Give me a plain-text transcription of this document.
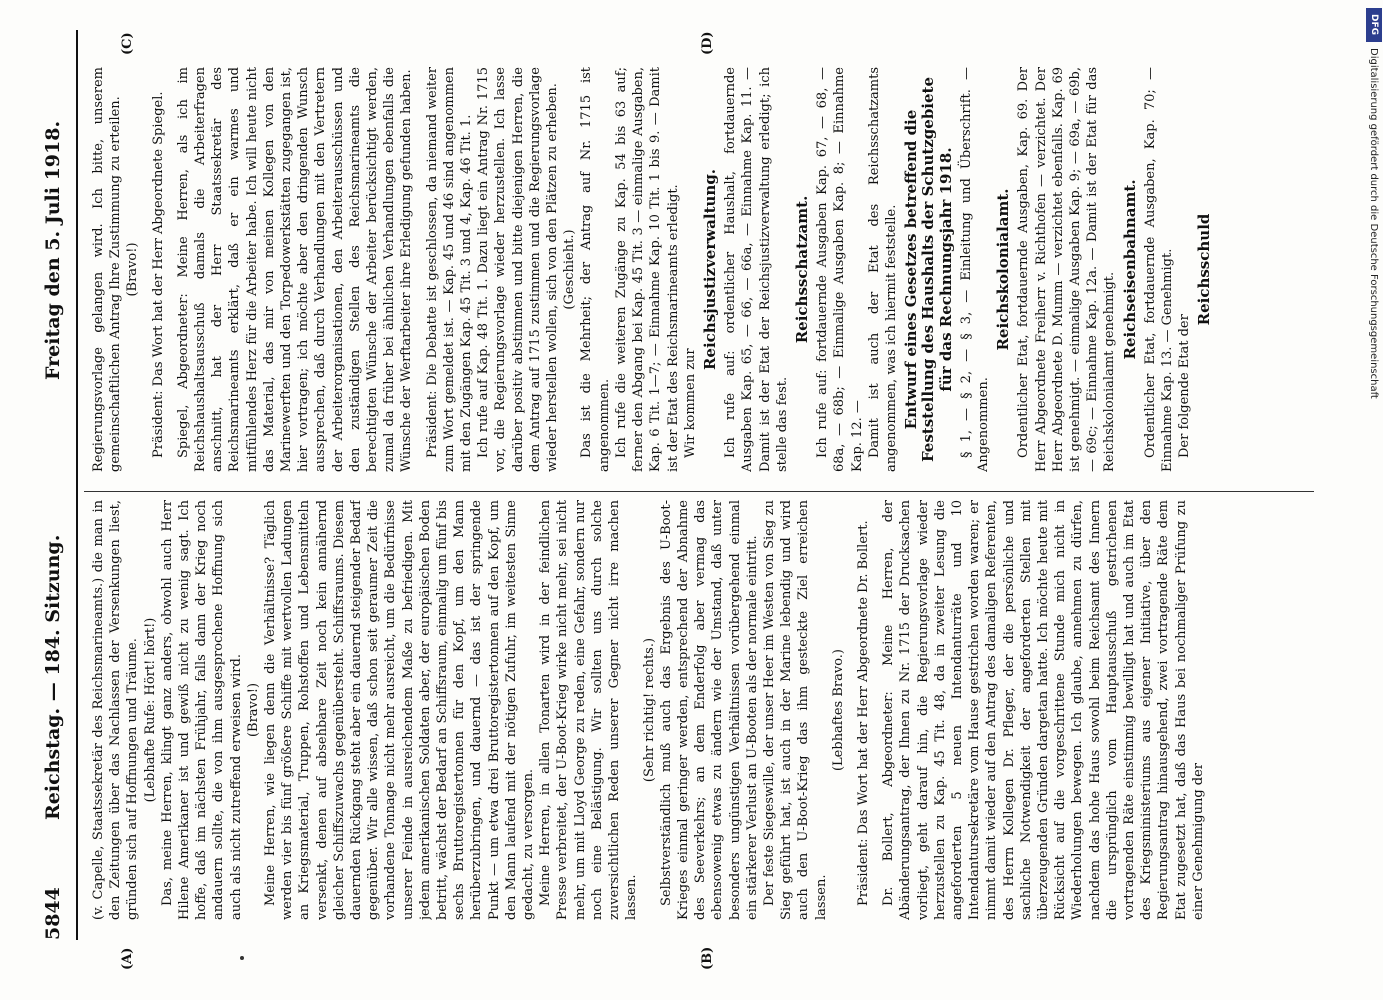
5844
Reichstag. — 184. Sitzung.
Freitag den 5. Juli 1918.
(A)	(B)
(C)	(D)

(v. Capelle, Staatssekretär des Reichsmarineamts.) die man in den Zeitungen über das Nachlassen der Versenkungen liest, gründen sich auf Hoffnungen und Träume. (Lebhafte Rufe: Hört! hört!) Das, meine Herren, klingt ganz anders, obwohl auch Herr Hilene Amerikaner ist und gewiß nicht zu wenig sagt. Ich hoffe, daß im nächsten Frühjahr, falls dann der Krieg noch andauern sollte, die von ihm ausgesprochene Hoffnung sich auch als nicht zutreffend erweisen wird. (Bravo!) Meine Herren, wie liegen denn die Verhältnisse? Täglich werden vier bis fünf größere Schiffe mit wertvollen Ladungen an Kriegsmaterial, Truppen, Rohstoffen und Lebensmitteln versenkt, denen auf absehbare Zeit noch kein annähernd gleicher Schiffszuwachs gegenübersteht. Schiffsraums. Diesem dauernden Rückgang steht aber ein dauernd steigender Bedarf gegenüber. Wir alle wissen, daß schon seit geraumer Zeit die vorhandene Tonnage nicht mehr ausreicht, um die Bedürfnisse unserer Feinde in ausreichendem Maße zu befriedigen. Mit jedem amerikanischen Soldaten aber, der europäischen Boden betritt, wächst der Bedarf an Schiffsraum, einmalig um fünf bis sechs Bruttoregistertonnen für den Kopf, um den Mann herüberzubringen, und dauernd — das ist der springende Punkt — um etwa drei Bruttoregistertonnen auf den Kopf, um den Mann laufend mit der nötigen Zufuhr, im weitesten Sinne gedacht, zu versorgen. Meine Herren, in allen Tonarten wird in der feindlichen Presse verbreitet, der U-Boot-Krieg wirke nicht mehr, sei nicht mehr, um mit Lloyd George zu reden, eine Gefahr, sondern nur noch eine Belästigung. Wir sollten uns durch solche zuversichtlichen Reden unserer Gegner nicht irre machen lassen.

(Sehr richtig! rechts.) Selbstverständlich muß auch das Ergebnis des U-Boot-Krieges einmal geringer werden, entsprechend der Abnahme des Seeverkehrs; an dem Enderfolg aber vermag das ebensowenig etwas zu ändern wie der Umstand, daß unter besonders ungünstigen Verhältnissen vorübergehend einmal ein stärkerer Verlust an U-Booten als der normale eintritt. Der feste Siegeswille, der unser Heer im Westen von Sieg zu Sieg geführt hat, ist auch in der Marine lebendig und wird auch den U-Boot-Krieg das ihm gesteckte Ziel erreichen lassen.

(Lebhaftes Bravo.) Präsident: Das Wort hat der Herr Abgeordnete Dr. Bollert. Dr. Bollert, Abgeordneter: Meine Herren, der Abänderungsantrag, der Ihnen zu Nr. 1715 der Drucksachen vorliegt, geht darauf hin, die Regierungsvorlage wieder herzustellen zu Kap. 45 Tit. 48, da in zweiter Lesung die angeforderten 5 neuen Intendanturräte und 10 Intendantursekretäre vom Hause gestrichen worden waren; er nimmt damit wieder auf den Antrag des damaligen Referenten, des Herrn Kollegen Dr. Pfleger, der die persönliche und sachliche Notwendigkeit der angeforderten Stellen mit überzeugenden Gründen dargetan hatte. Ich möchte heute mit Rücksicht auf die vorgeschrittene Stunde mich nicht in Wiederholungen bewegen. Ich glaube, annehmen zu dürfen, nachdem das hohe Haus sowohl beim Reichsamt des Innern die ursprünglich vom Hauptausschuß gestrichenen vortragenden Räte einstimmig bewilligt hat und auch im Etat des Kriegsministeriums aus eigener Initiative, über den Regierungsantrag hinausgehend, zwei vortragende Räte dem Etat zugesetzt hat, daß das Haus bei nochmaliger Prüfung zu einer Genehmigung der

Regierungsvorlage gelangen wird. Ich bitte, unserem gemeinschaftlichen Antrag Ihre Zustimmung zu erteilen. (Bravo!) Präsident: Das Wort hat der Herr Abgeordnete Spiegel. Spiegel, Abgeordneter: Meine Herren, als ich im Reichshaushaltsausschuß damals die Arbeiterfragen anschnitt, hat der Herr Staatssekretär des Reichsmarineamts erklärt, daß er ein warmes und mitfühlendes Herz für die Arbeiter habe. Ich will heute nicht das Material, das mir von meinen Kollegen von den Marinewerften und den Torpedowerkstätten zugegangen ist, hier vortragen; ich möchte aber den dringenden Wunsch aussprechen, daß durch Verhandlungen mit den Vertretern der Arbeiterorganisationen, den Arbeiterausschüssen und den zuständigen Stellen des Reichsmarineamts die berechtigten Wünsche der Arbeiter berücksichtigt werden, zumal da früher bei ähnlichen Verhandlungen ebenfalls die Wünsche der Werftarbeiter ihre Erledigung gefunden haben. Präsident: Die Debatte ist geschlossen, da niemand weiter zum Wort gemeldet ist. — Kap. 45 und 46 sind angenommen mit den Zugängen Kap. 45 Tit. 3 und 4, Kap. 46 Tit. 1. Ich rufe auf Kap. 48 Tit. 1. Dazu liegt ein Antrag Nr. 1715 vor, die Regierungsvorlage wieder herzustellen. Ich lasse darüber positiv abstimmen und bitte diejenigen Herren, die dem Antrag auf 1715 zustimmen und die Regierungsvorlage wieder herstellen wollen, sich von den Plätzen zu erheben. (Geschieht.) Das ist die Mehrheit; der Antrag auf Nr. 1715 ist angenommen. Ich rufe die weiteren Zugänge zu Kap. 54 bis 63 auf; ferner den Abgang bei Kap. 45 Tit. 3 — einmalige Ausgaben, Kap. 6 Tit. 1—7; — Einnahme Kap. 10 Tit. 1 bis 9. — Damit ist der Etat des Reichsmarineamts erledigt. Wir kommen zur

Reichsjustizverwaltung. Ich rufe auf: ordentlicher Haushalt, fortdauernde Ausgaben Kap. 65, — 66, — 66a, — Einnahme Kap. 11. — Damit ist der Etat der Reichsjustizverwaltung erledigt; ich stelle das fest.

Reichsschatzamt. Ich rufe auf: fortdauernde Ausgaben Kap. 67, — 68, — 68a, — 68b; — Einmalige Ausgaben Kap. 8; — Einnahme Kap. 12. — Damit ist auch der Etat des Reichsschatzamts angenommen, was ich hiermit feststelle. Entwurf eines Gesetzes betreffend die Feststellung des Haushalts der Schutzgebiete für das Rechnungsjahr 1918. § 1, — § 2, — § 3, — Einleitung und Überschrift. — Angenommen.

Reichskolonialamt. Ordentlicher Etat, fortdauernde Ausgaben, Kap. 69. Der Herr Abgeordnete Freiherr v. Richthofen — verzichtet. Der Herr Abgeordnete D. Mumm — verzichtet ebenfalls. Kap. 69 ist genehmigt. — einmalige Ausgaben Kap. 9; — 69a, — 69b, — 69c; — Einnahme Kap. 12a. — Damit ist der Etat für das Reichskolonialamt genehmigt.

Reichseisenbahnamt. Ordentlicher Etat, fortdauernde Ausgaben, Kap. 70; — Einnahme Kap. 13. — Genehmigt. Der folgende Etat der

Reichsschuld

DFG
Digitalisierung gefördert durch die Deutsche Forschungsgemeinschaft
